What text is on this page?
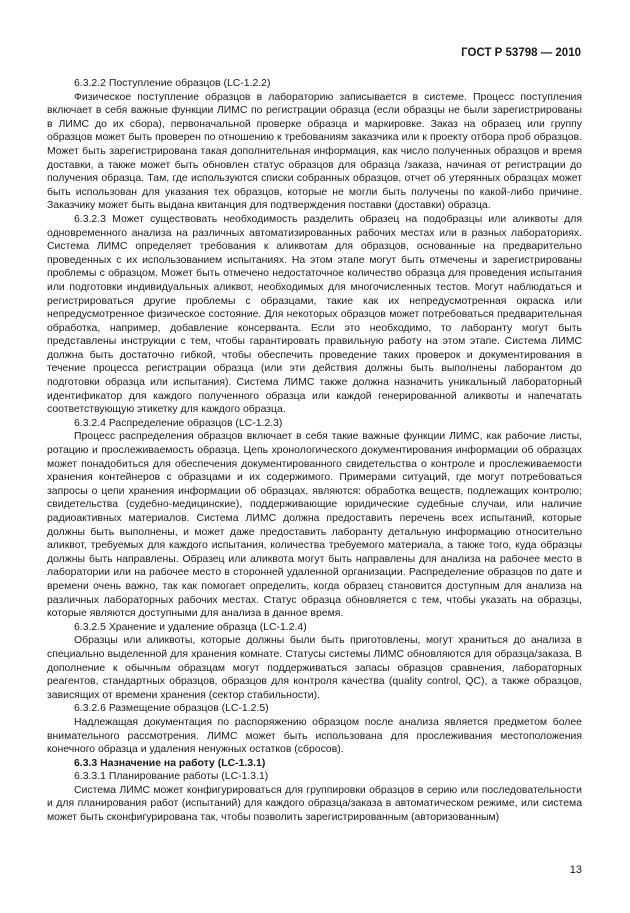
ГОСТ Р 53798 — 2010

6.3.2.2 Поступление образцов (LC-1.2.2)

Физическое поступление образцов в лабораторию записывается в системе. Процесс поступления включает в себя важные функции ЛИМС по регистрации образца (если образцы не были зарегистрированы в ЛИМС до их сбора), первоначальной проверке образца и маркировке. Заказ на образец или группу образцов может быть проверен по отношению к требованиям заказчика или к проекту отбора проб образцов. Может быть зарегистрирована такая дополнительная информация, как число полученных образцов и время доставки, а также может быть обновлен статус образцов для образца /заказа, начиная от регистрации до получения образца. Там, где используются списки собранных образцов, отчет об утерянных образцах может быть использован для указания тех образцов, которые не могли быть получены по какой-либо причине. Заказчику может быть выдана квитанция для подтверждения поставки (доставки) образца.

6.3.2.3 Может существовать необходимость разделить образец на подобразцы или аликвоты для одновременного анализа на различных автоматизированных рабочих местах или в разных лабораториях. Система ЛИМС определяет требования к аликвотам для образцов, основанные на предварительно проведенных с их использованием испытаниях. На этом этапе могут быть отмечены и зарегистрированы проблемы с образцом. Может быть отмечено недостаточное количество образца для проведения испытания или подготовки индивидуальных аликвот, необходимых для многочисленных тестов. Могут наблюдаться и регистрироваться другие проблемы с образцами, такие как их непредусмотренная окраска или непредусмотренное физическое состояние. Для некоторых образцов может потребоваться предварительная обработка, например, добавление консерванта. Если это необходимо, то лаборанту могут быть представлены инструкции с тем, чтобы гарантировать правильную работу на этом этапе. Система ЛИМС должна быть достаточно гибкой, чтобы обеспечить проведение таких проверок и документирования в течение процесса регистрации образца (или эти действия должны быть выполнены лаборантом до подготовки образца или испытания). Система ЛИМС также должна назначить уникальный лабораторный идентификатор для каждого полученного образца или каждой генерированной аликвоты и напечатать соответствующую этикетку для каждого образца.

6.3.2.4 Распределение образцов (LC-1.2.3)

Процесс распределения образцов включает в себя такие важные функции ЛИМС, как рабочие листы, ротацию и прослеживаемость образца. Цепь хронологического документирования информации об образцах может понадобиться для обеспечения документированного свидетельства о контроле и прослеживаемости хранения контейнеров с образцами и их содержимого. Примерами ситуаций, где могут потребоваться запросы о цепи хранения информации об образцах, являются: обработка веществ, подлежащих контролю; свидетельства (судебно-медицинские), поддерживающие юридические судебные случаи, или наличие радиоактивных материалов. Система ЛИМС должна предоставить перечень всех испытаний, которые должны быть выполнены, и может даже предоставить лаборанту детальную информацию относительно аликвот, требуемых для каждого испытания, количества требуемого материала, а также того, куда образцы должны быть направлены. Образец или аликвота могут быть направлены для анализа на рабочее место в лаборатории или на рабочее место в сторонней удаленной организации. Распределение образцов по дате и времени очень важно, так как помогает определить, когда образец становится доступным для анализа на различных лабораторных рабочих местах. Статус образца обновляется с тем, чтобы указать на образцы, которые являются доступными для анализа в данное время.

6.3.2.5 Хранение и удаление образца (LC-1.2.4)

Образцы или аликвоты, которые должны были быть приготовлены, могут храниться до анализа в специально выделенной для хранения комнате. Статусы системы ЛИМС обновляются для образца/заказа. В дополнение к обычным образцам могут поддерживаться запасы образцов сравнения, лабораторных реагентов, стандартных образцов, образцов для контроля качества (quality control, QC), а также образцов, зависящих от времени хранения (сектор стабильности).

6.3.2.6 Размещение образцов (LC-1.2.5)

Надлежащая документация по распоряжению образцом после анализа является предметом более внимательного рассмотрения. ЛИМС может быть использована для прослеживания местоположения конечного образца и удаления ненужных остатков (сбросов).

6.3.3 Назначение на работу (LC-1.3.1)

6.3.3.1 Планирование работы (LC-1.3.1)

Система ЛИМС может конфигурироваться для группировки образцов в серию или последовательности и для планирования работ (испытаний) для каждого образца/заказа в автоматическом режиме, или система может быть сконфигурирована так, чтобы позволить зарегистрированным (авторизованным)

13
